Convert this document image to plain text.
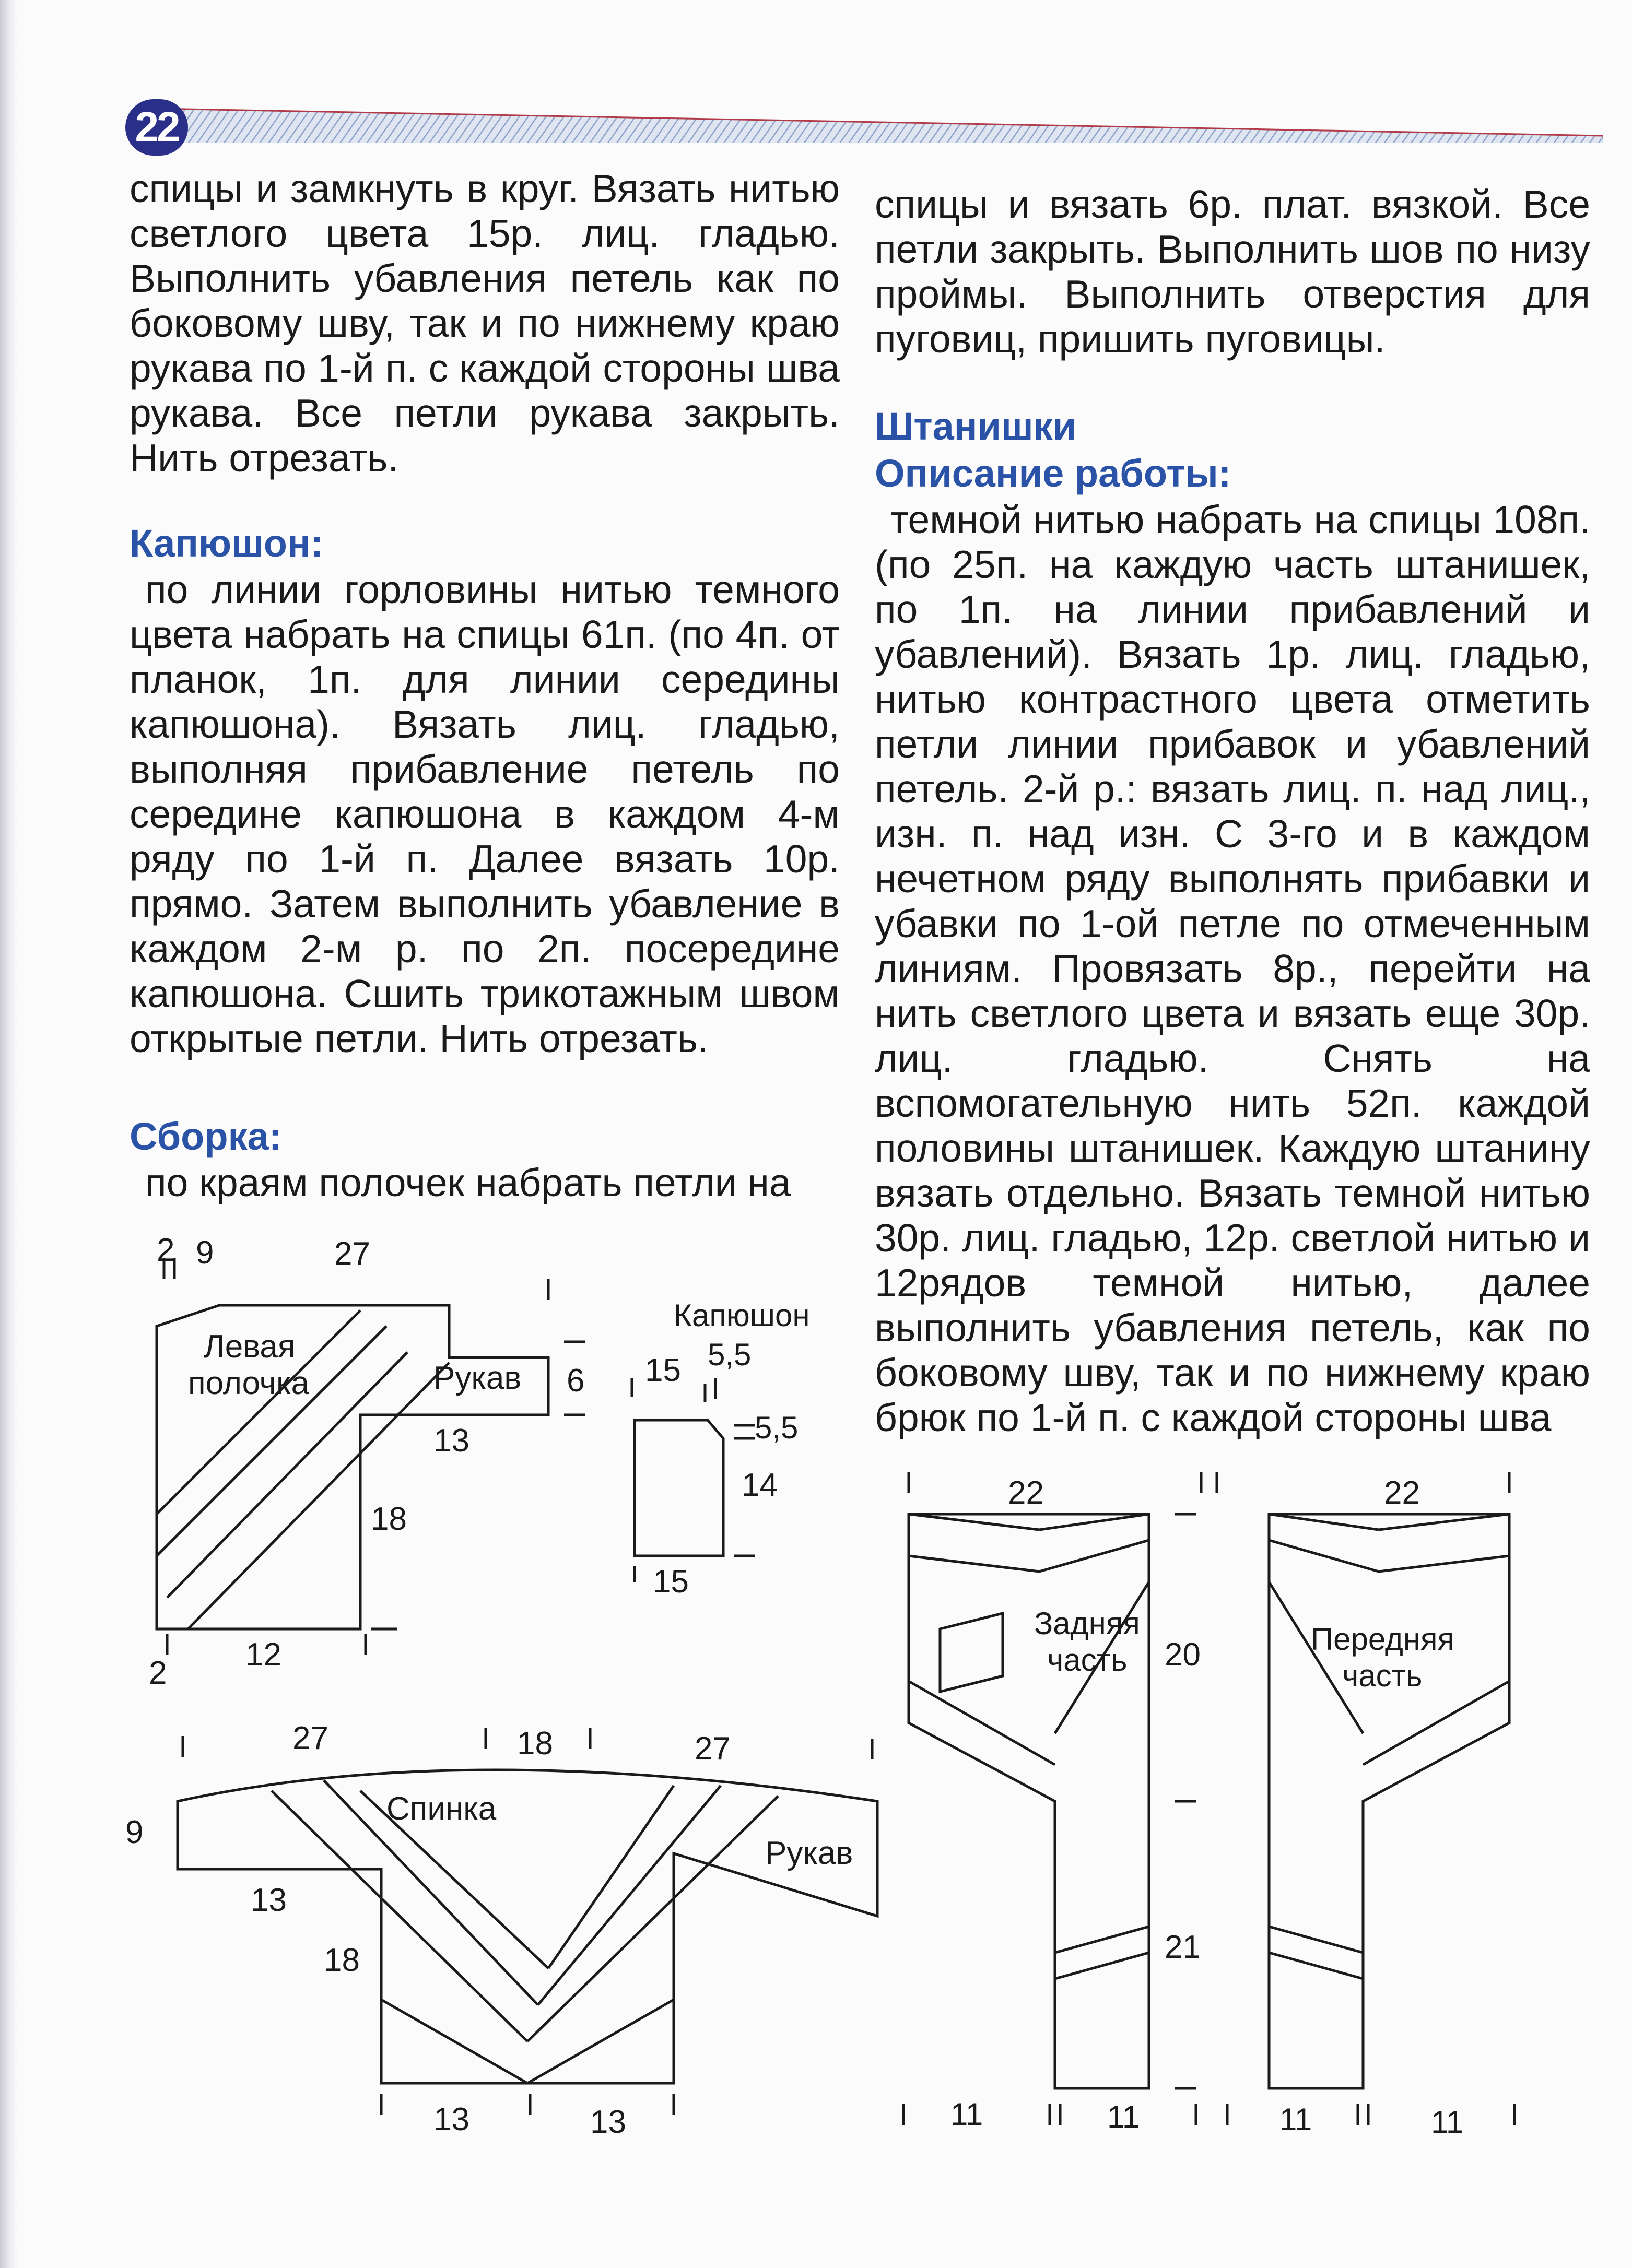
22

спицы и замкнуть в круг. Вязать нитью светлого цвета 15р. лиц. гладью. Выполнить убавления петель как по боковому шву, так и по нижнему краю рукава по 1-й п. с каждой стороны шва рукава. Все петли рукава закрыть. Нить отрезать.

Капюшон:

по линии горловины нитью темного цвета набрать на спицы 61п. (по 4п. от планок, 1п. для линии середины капюшона). Вязать лиц. гладью, выполняя прибавление петель по середине капюшона в каждом 4-м ряду по 1-й п. Далее вязать 10р. прямо. Затем выполнить убавление в каждом 2-м р. по 2п. посередине капюшона. Сшить трикотажным швом открытые петли. Нить отрезать.

Сборка:

по краям полочек набрать петли на

спицы и вязать 6р. плат. вязкой. Все петли закрыть. Выполнить шов по низу проймы. Выполнить отверстия для пуговиц, пришить пуговицы.

Штанишки

Описание работы:

темной нитью набрать на спицы 108п. (по 25п. на каждую часть штанишек, по 1п. на линии прибавлений и убавлений). Вязать 1р. лиц. гладью, нитью контрастного цвета отметить петли линии прибавок и убавлений петель. 2-й р.: вязать лиц. п. над лиц., изн. п. над изн. С 3-го и в каждом нечетном ряду выполнять прибавки и убавки по 1-ой петле по отмеченным линиям. Провязать 8р., перейти на нить светлого цвета и вязать еще 30р. лиц. гладью. Снять на вспомогательную нить 52п. каждой половины штанишек. Каждую штанину вязать отдельно. Вязать темной нитью 30р. лиц. гладью, 12р. светлой нитью и 12рядов темной нитью, далее выполнить убавления петель, как по боковому шву, так и по нижнему краю брюк по 1-й п. с каждой стороны шва

2 9	27
Левая
полочка	Рукав 6
13
18
12
2
Капюшон
15 5,5
5,5
14
15
27	18	27
Спинка
Рукав
9
13
18
13	13
22	22
Задняя
часть
Передняя
часть
20
21
11	11	11	11
